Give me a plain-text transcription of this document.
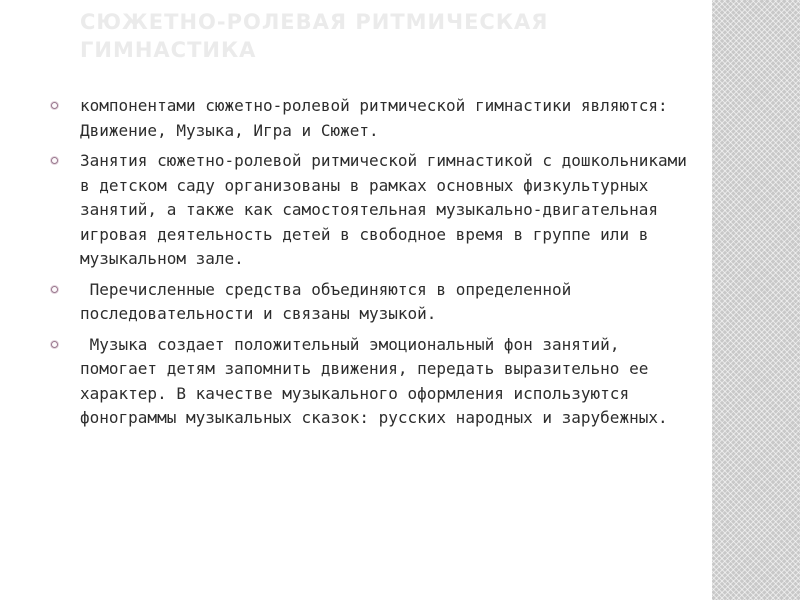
СЮЖЕТНО-РОЛЕВАЯ РИТМИЧЕСКАЯ ГИМНАСТИКА
компонентами сюжетно-ролевой ритмической гимнастики являются: Движение, Музыка, Игра и Сюжет.
Занятия сюжетно-ролевой ритмической гимнастикой с дошкольниками в детском саду организованы в рамках основных физкультурных занятий, а также как самостоятельная музыкально-двигательная игровая деятельность детей в свободное время в группе или в музыкальном зале.
Перечисленные средства объединяются в определенной последовательности и связаны музыкой.
Музыка создает положительный эмоциональный фон занятий, помогает детям запомнить движения, передать выразительно ее характер. В качестве музыкального оформления используются фонограммы музыкальных сказок: русских народных и зарубежных.
